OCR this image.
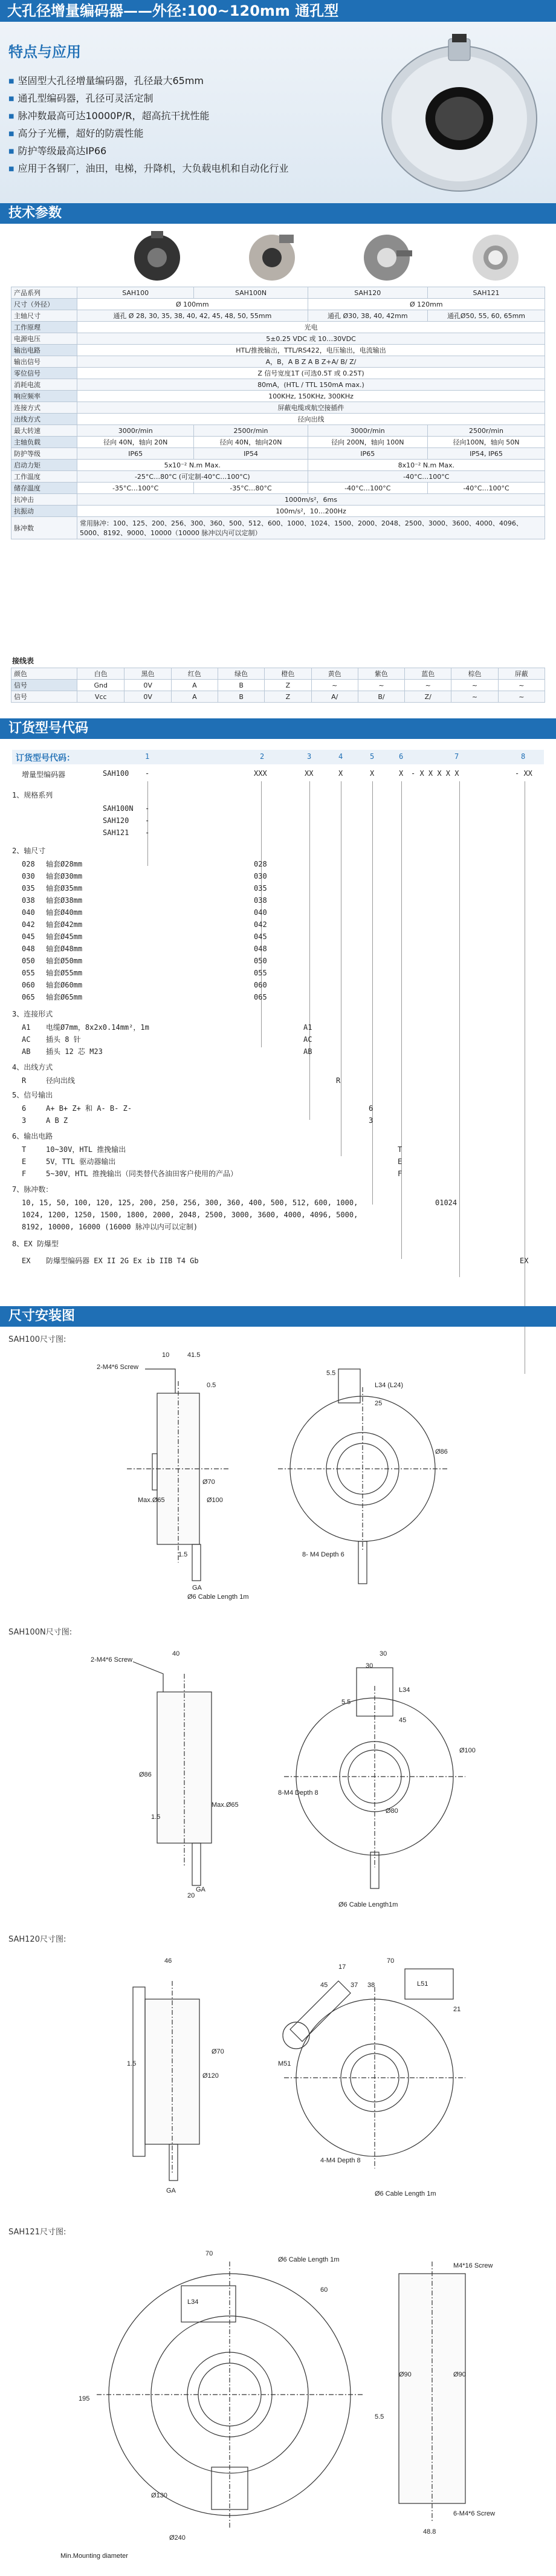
大孔径增量编码器——外径:100~120mm 通孔型
特点与应用
■ 坚固型大孔径增量编码器，孔径最大65mm
■ 通孔型编码器，孔径可灵活定制
■ 脉冲数最高可达10000P/R，超高抗干扰性能
■ 高分子光栅，超好的防震性能
■ 防护等级最高达IP66
■ 应用于各钢厂，油田，电梯，升降机，大负载电机和自动化行业
技术参数
产品系列	SAH100	SAH100N	SAH120	SAH121
尺寸（外径）	Ø 100mm		Ø 120mm	
主轴尺寸	通孔 Ø 28, 30, 35, 38, 40, 42, 45, 48, 50, 55mm		通孔 Ø30, 38, 40, 42mm	通孔Ø50, 55, 60, 65mm
工作原理	光电			
电源电压	5±0.25 VDC 或 10…30VDC			
输出电路	HTL/推挽输出，TTL/RS422，电压输出，电流输出			
输出信号	A，B，A B Z A B Z+A/ B/ Z/			
零位信号	Z 信号宽度1T (可选0.5T 或 0.25T)			
消耗电流	80mA，(HTL / TTL 150mA max.)			
响应频率	100KHz, 150KHz, 300KHz			
连接方式	屏蔽电缆或航空接插件			
出线方式	径向出线			
最大转速	3000r/min	2500r/min	3000r/min	2500r/min
主轴负载	径向 40N，轴向 20N	径向 40N，轴向20N	径向 200N，轴向 100N	径向100N，轴向 50N
防护等级	IP65	IP54	IP65	IP54, IP65
启动力矩	5x10⁻² N.m Max.		8x10⁻² N.m Max.	
工作温度	-25°C…80°C (可定制-40°C…100°C)		-40°C…100°C	
储存温度	-35°C…100°C	-35°C…80°C	-40°C…100°C	-40°C…100°C
抗冲击	1000m/s²，6ms			
抗振动	100m/s²，10…200Hz			
脉冲数	常用脉冲：100、125、200、256、300、360、500、512、600、1000、1024、1500、2000、2048、2500、3000、3600、4000、4096、5000、8192、9000、10000（10000 脉冲以内可以定制）			
接线表
颜色	白色	黑色	红色	绿色	橙色	黄色	紫色	蓝色	棕色	屏蔽
信号	Gnd	0V	A	B	Z	~	~	~	~	~
信号	Vcc	0V	A	B	Z	A/	B/	Z/	~	~
订货型号代码
订货型号代码：	1	2	3	4	5	6	7	8
增量型编码器	SAH100 -	XXX	XX	X	X	X - X X X X X	- XX
1、规格系列
SAH100N -
SAH120 -
SAH121 -
2、轴尺寸
028 轴套Ø28mm	028
030 轴套Ø30mm	030
035 轴套Ø35mm	035
038 轴套Ø38mm	038
040 轴套Ø40mm	040
042 轴套Ø42mm	042
045 轴套Ø45mm	045
048 轴套Ø48mm	048
050 轴套Ø50mm	050
055 轴套Ø55mm	055
060 轴套Ø60mm	060
065 轴套Ø65mm	065
3、连接形式
A1 电缆Ø7mm，8x2x0.14mm²，1m	A1
AC 插头 8 针	AC
AB 插头 12 芯 M23	AB
4、出线方式
R	径向出线	R
5、信号输出
6	A+ B+ Z+ 和 A- B- Z-	6
3	A B Z	3
6、输出电路
T	10~30V，HTL 推挽输出	T
E	5V，TTL 驱动器输出	E
F	5~30V，HTL 推挽输出（同类替代各油田客户使用的产品）	F
7、脉冲数：
10, 15, 50, 100, 120, 125, 200, 250, 256, 300, 360, 400, 500, 512, 600, 1000,	01024
1024, 1200, 1250, 1500, 1800, 2000, 2048, 2500, 3000, 3600, 4000, 4096, 5000,
8192, 10000, 16000 (16000 脉冲以内可以定制)
8、EX 防爆型
EX 防爆型编码器 EX II 2G Ex ib IIB T4 Gb	EX
尺寸安装图
SAH100尺寸图:
2-M4*6 Screw
Ø6 Cable Length 1m
8- M4 Depth 6
L34 (L24)
10	41.5
0.5
Max.Ø65
Ø70
Ø100
Ø86
5.5
25
1.5
GA
SAH100N尺寸图:
2-M4*6 Screw
Ø6 Cable Length1m
8-M4 Depth 8
L34
30
40
1.5
Max.Ø65
Ø100
Ø80
Ø86
45
5.5
30
20
GA
SAH120尺寸图:
Ø6 Cable Length 1m
4-M4 Depth 8
L51
46
1.5
Ø120
Ø70
M51
45	37 38
70
21
17
GA
SAH121尺寸图:
M4*16 Screw
Ø6 Cable Length 1m
6-M4*6 Screw
L34
70
Ø130
Ø240
195
Ø90	Ø90
60
48.8
5.5
Min.Mounting diameter
